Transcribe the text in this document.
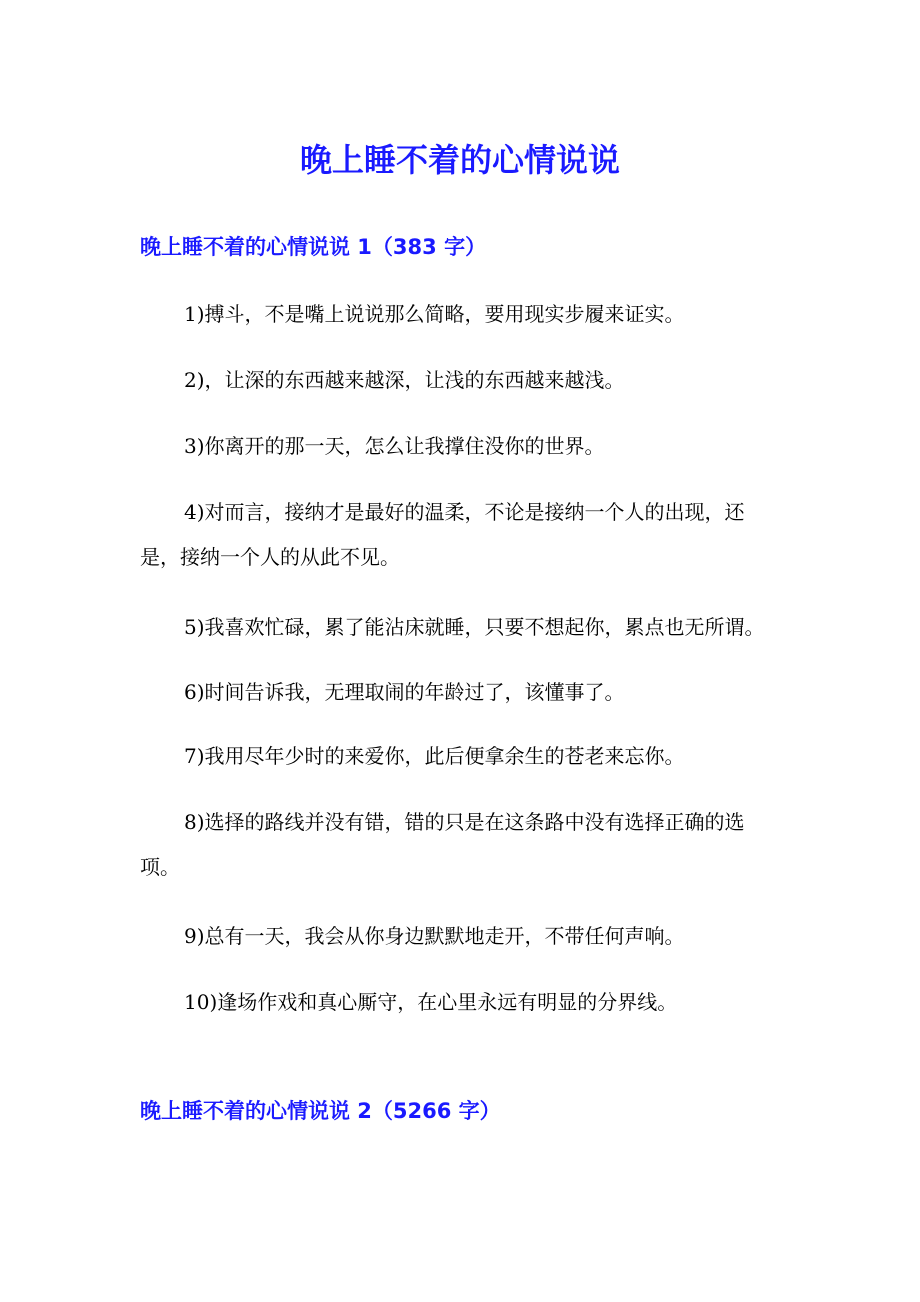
晚上睡不着的心情说说
晚上睡不着的心情说说 1（383 字）

1)搏斗，不是嘴上说说那么简略，要用现实步履来证实。

2)，让深的东西越来越深，让浅的东西越来越浅。

3)你离开的那一天，怎么让我撑住没你的世界。

4)对而言，接纳才是最好的温柔，不论是接纳一个人的出现，还是，接纳一个人的从此不见。

5)我喜欢忙碌，累了能沾床就睡，只要不想起你，累点也无所谓。

6)时间告诉我，无理取闹的年龄过了，该懂事了。

7)我用尽年少时的来爱你，此后便拿余生的苍老来忘你。

8)选择的路线并没有错，错的只是在这条路中没有选择正确的选项。

9)总有一天，我会从你身边默默地走开，不带任何声响。

10)逢场作戏和真心厮守，在心里永远有明显的分界线。

晚上睡不着的心情说说 2（5266 字）
